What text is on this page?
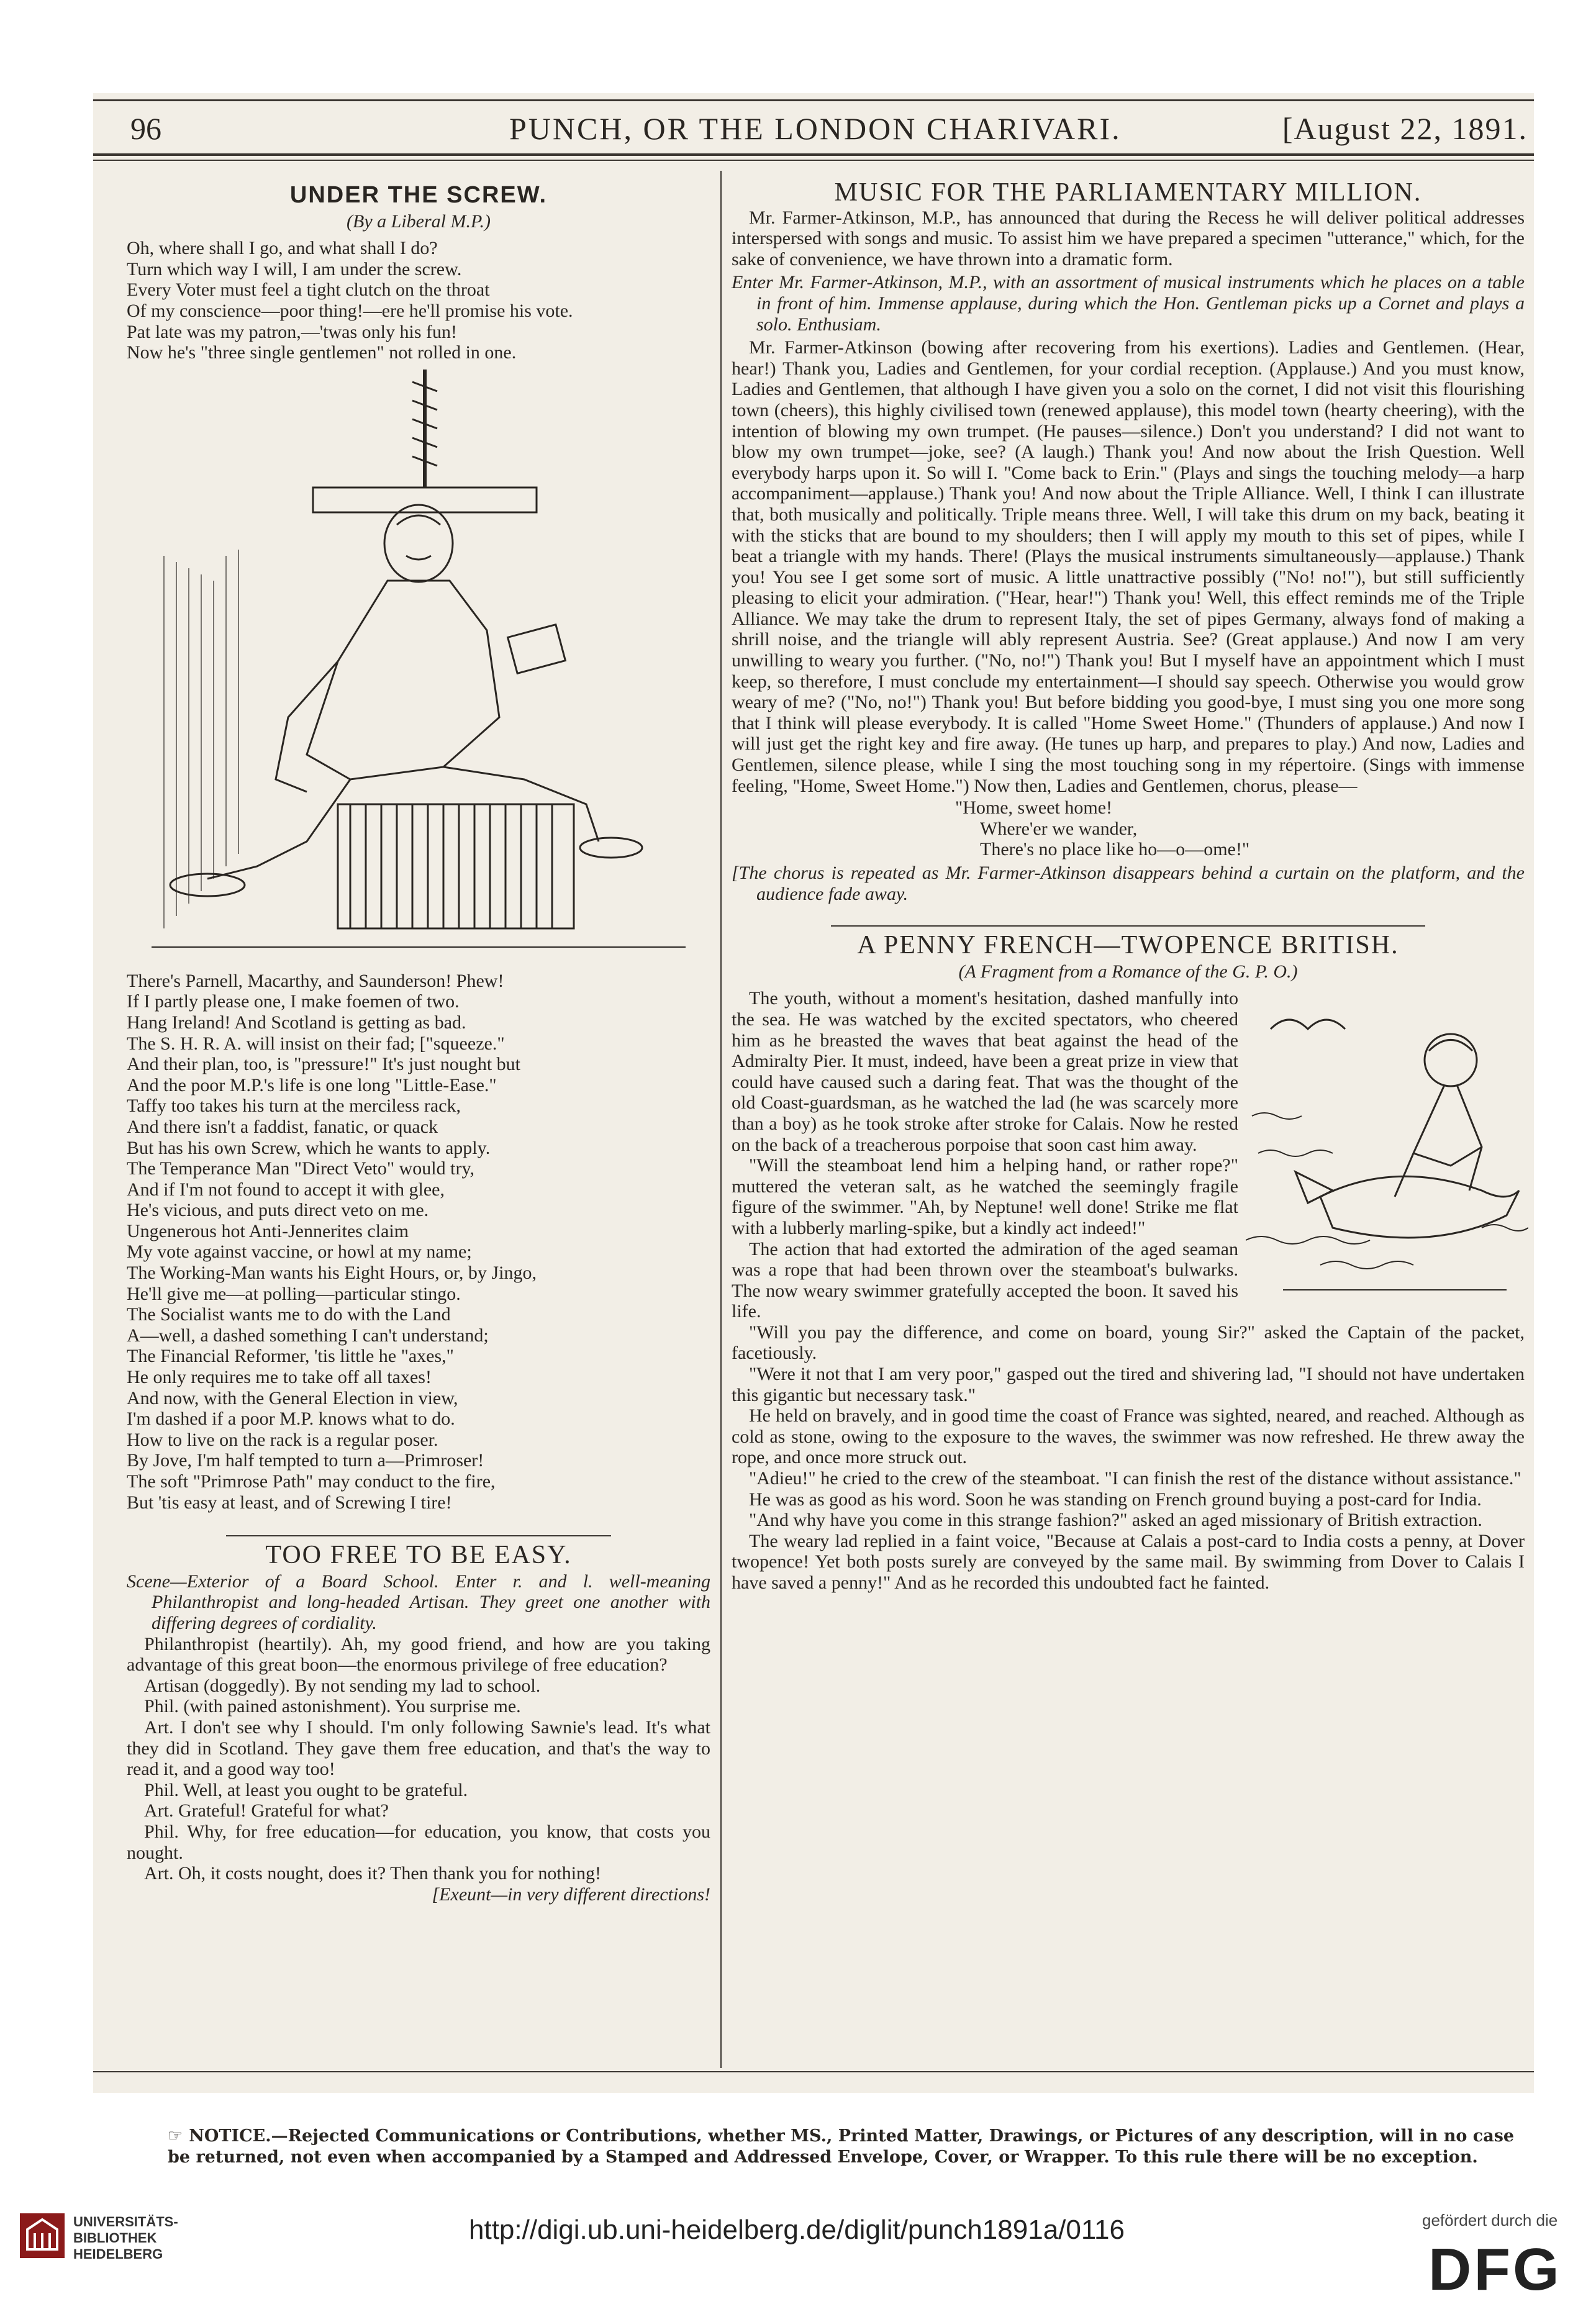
96	PUNCH, OR THE LONDON CHARIVARI.	[August 22, 1891.
UNDER THE SCREW.
(By a Liberal M.P.)
Oh, where shall I go, and what shall I do?
Turn which way I will, I am under the screw.
Every Voter must feel a tight clutch on the throat
Of my conscience—poor thing!—ere he'll promise his vote.
Pat late was my patron,—'twas only his fun!
Now he's "three single gentlemen" not rolled in one.
There's Parnell, Macarthy, and Saunderson! Phew!
If I partly please one, I make foemen of two.
Hang Ireland! And Scotland is getting as bad.
The S. H. R. A. will insist on their fad; ["squeeze."
And their plan, too, is "pressure!" It's just nought but
And the poor M.P.'s life is one long "Little-Ease."
Taffy too takes his turn at the merciless rack,
And there isn't a faddist, fanatic, or quack
But has his own Screw, which he wants to apply.
The Temperance Man "Direct Veto" would try,
And if I'm not found to accept it with glee,
He's vicious, and puts direct veto on me.
Ungenerous hot Anti-Jennerites claim
My vote against vaccine, or howl at my name;
The Working-Man wants his Eight Hours, or, by Jingo,
He'll give me—at polling—particular stingo.
The Socialist wants me to do with the Land
A—well, a dashed something I can't understand;
The Financial Reformer, 'tis little he "axes,"
He only requires me to take off all taxes!
And now, with the General Election in view,
I'm dashed if a poor M.P. knows what to do.
How to live on the rack is a regular poser.
By Jove, I'm half tempted to turn a—Primroser!
The soft "Primrose Path" may conduct to the fire,
But 'tis easy at least, and of Screwing I tire!
TOO FREE TO BE EASY.

Scene—Exterior of a Board School. Enter r. and l. well-meaning Philanthropist and long-headed Artisan. They greet one another with differing degrees of cordiality.

Philanthropist (heartily). Ah, my good friend, and how are you taking advantage of this great boon—the enormous privilege of free education?

Artisan (doggedly). By not sending my lad to school.

Phil. (with pained astonishment). You surprise me.

Art. I don't see why I should. I'm only following Sawnie's lead. It's what they did in Scotland. They gave them free education, and that's the way to read it, and a good way too!

Phil. Well, at least you ought to be grateful.

Art. Grateful! Grateful for what?

Phil. Why, for free education—for education, you know, that costs you nought.

Art. Oh, it costs nought, does it? Then thank you for nothing!

[Exeunt—in very different directions!
MUSIC FOR THE PARLIAMENTARY MILLION.

Mr. Farmer-Atkinson, M.P., has announced that during the Recess he will deliver political addresses interspersed with songs and music. To assist him we have prepared a specimen "utterance," which, for the sake of convenience, we have thrown into a dramatic form.

Enter Mr. Farmer-Atkinson, M.P., with an assortment of musical instruments which he places on a table in front of him. Immense applause, during which the Hon. Gentleman picks up a Cornet and plays a solo. Enthusiam.

Mr. Farmer-Atkinson (bowing after recovering from his exertions). Ladies and Gentlemen. (Hear, hear!) Thank you, Ladies and Gentlemen, for your cordial reception. (Applause.) And you must know, Ladies and Gentlemen, that although I have given you a solo on the cornet, I did not visit this flourishing town (cheers), this highly civilised town (renewed applause), this model town (hearty cheering), with the intention of blowing my own trumpet. (He pauses—silence.) Don't you understand? I did not want to blow my own trumpet—joke, see? (A laugh.) Thank you! And now about the Irish Question. Well everybody harps upon it. So will I. "Come back to Erin." (Plays and sings the touching melody—a harp accompaniment—applause.) Thank you! And now about the Triple Alliance. Well, I think I can illustrate that, both musically and politically. Triple means three. Well, I will take this drum on my back, beating it with the sticks that are bound to my shoulders; then I will apply my mouth to this set of pipes, while I beat a triangle with my hands. There! (Plays the musical instruments simultaneously—applause.) Thank you! You see I get some sort of music. A little unattractive possibly ("No! no!"), but still sufficiently pleasing to elicit your admiration. ("Hear, hear!") Thank you! Well, this effect reminds me of the Triple Alliance. We may take the drum to represent Italy, the set of pipes Germany, always fond of making a shrill noise, and the triangle will ably represent Austria. See? (Great applause.) And now I am very unwilling to weary you further. ("No, no!") Thank you! But I myself have an appointment which I must keep, so therefore, I must conclude my entertainment—I should say speech. Otherwise you would grow weary of me? ("No, no!") Thank you! But before bidding you good-bye, I must sing you one more song that I think will please everybody. It is called "Home Sweet Home." (Thunders of applause.) And now I will just get the right key and fire away. (He tunes up harp, and prepares to play.) And now, Ladies and Gentlemen, silence please, while I sing the most touching song in my répertoire. (Sings with immense feeling, "Home, Sweet Home.") Now then, Ladies and Gentlemen, chorus, please—

"Home, sweet home!
Where'er we wander,
There's no place like ho—o—ome!"

[The chorus is repeated as Mr. Farmer-Atkinson disappears behind a curtain on the platform, and the audience fade away.

A PENNY FRENCH—TWOPENCE BRITISH.
(A Fragment from a Romance of the G. P. O.)

The youth, without a moment's hesitation, dashed manfully into the sea. He was watched by the excited spectators, who cheered him as he breasted the waves that beat against the head of the Admiralty Pier. It must, indeed, have been a great prize in view that could have caused such a daring feat. That was the thought of the old Coast-guardsman, as he watched the lad (he was scarcely more than a boy) as he took stroke after stroke for Calais. Now he rested on the back of a treacherous porpoise that soon cast him away.

"Will the steamboat lend him a helping hand, or rather rope?" muttered the veteran salt, as he watched the seemingly fragile figure of the swimmer. "Ah, by Neptune! well done! Strike me flat with a lubberly marling-spike, but a kindly act indeed!"

The action that had extorted the admiration of the aged seaman was a rope that had been thrown over the steamboat's bulwarks. The now weary swimmer gratefully accepted the boon. It saved his life.

"Will you pay the difference, and come on board, young Sir?" asked the Captain of the packet, facetiously.

"Were it not that I am very poor," gasped out the tired and shivering lad, "I should not have undertaken this gigantic but necessary task."

He held on bravely, and in good time the coast of France was sighted, neared, and reached. Although as cold as stone, owing to the exposure to the waves, the swimmer was now refreshed. He threw away the rope, and once more struck out.

"Adieu!" he cried to the crew of the steamboat. "I can finish the rest of the distance without assistance."

He was as good as his word. Soon he was standing on French ground buying a post-card for India.

"And why have you come in this strange fashion?" asked an aged missionary of British extraction.

The weary lad replied in a faint voice, "Because at Calais a post-card to India costs a penny, at Dover twopence! Yet both posts surely are conveyed by the same mail. By swimming from Dover to Calais I have saved a penny!" And as he recorded this undoubted fact he fainted.

☞ NOTICE.—Rejected Communications or Contributions, whether MS., Printed Matter, Drawings, or Pictures of any description, will in no case be returned, not even when accompanied by a Stamped and Addressed Envelope, Cover, or Wrapper. To this rule there will be no exception.
UNIVERSITÄTS-
BIBLIOTHEK
HEIDELBERG
http://digi.ub.uni-heidelberg.de/diglit/punch1891a/0116	gefördert durch die
DFG
